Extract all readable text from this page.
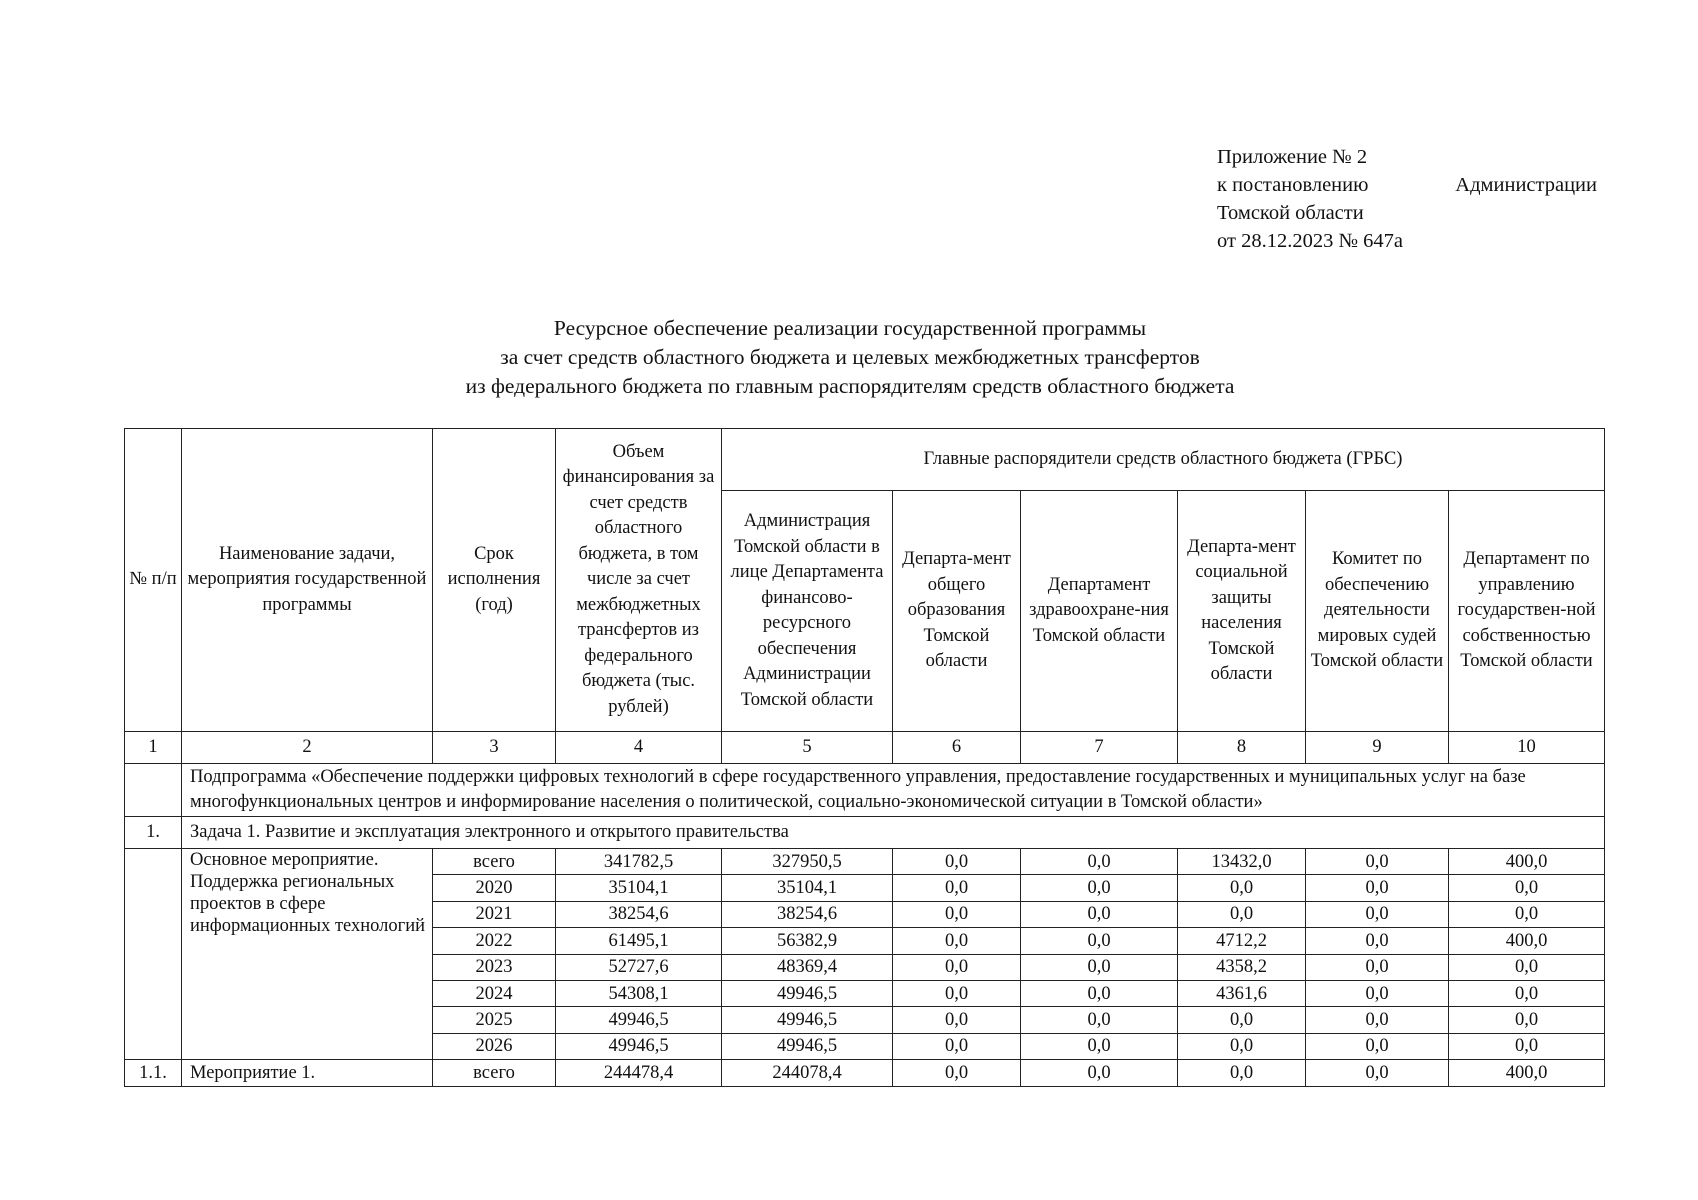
Приложение № 2
к постановлению	Администрации
Томской области
от 28.12.2023 № 647а
Ресурсное обеспечение реализации государственной программы
за счет средств областного бюджета и целевых межбюджетных трансфертов
из федерального бюджета по главным распорядителям средств областного бюджета
№ п/п	Наименование задачи, мероприятия государственной программы	Срок исполнения (год)	Объем финансирования за счет средств областного бюджета, в том числе за счет межбюджетных трансфертов из федерального бюджета (тыс. рублей)	Главные распорядители средств областного бюджета (ГРБС)					
				Администрация Томской области в лице Департамента финансово-ресурсного обеспечения Администрации Томской области	Департа-мент общего образования Томской области	Департамент здравоохране-ния Томской области	Департа-мент социальной защиты населения Томской области	Комитет по обеспечению деятельности мировых судей Томской области	Департамент по управлению государствен-ной собственностью Томской области
1	2	3	4	5	6	7	8	9	10
	Подпрограмма «Обеспечение поддержки цифровых технологий в сфере государственного управления, предоставление государственных и муниципальных услуг на базе многофункциональных центров и информирование населения о политической, социально-экономической ситуации в Томской области»								
1.	Задача 1. Развитие и эксплуатация электронного и открытого правительства								
	Основное мероприятие. Поддержка региональных проектов в сфере информационных технологий	всего	341782,5	327950,5	0,0	0,0	13432,0	0,0	400,0
		2020	35104,1	35104,1	0,0	0,0	0,0	0,0	0,0
		2021	38254,6	38254,6	0,0	0,0	0,0	0,0	0,0
		2022	61495,1	56382,9	0,0	0,0	4712,2	0,0	400,0
		2023	52727,6	48369,4	0,0	0,0	4358,2	0,0	0,0
		2024	54308,1	49946,5	0,0	0,0	4361,6	0,0	0,0
		2025	49946,5	49946,5	0,0	0,0	0,0	0,0	0,0
		2026	49946,5	49946,5	0,0	0,0	0,0	0,0	0,0
1.1.	Мероприятие 1.	всего	244478,4	244078,4	0,0	0,0	0,0	0,0	400,0
